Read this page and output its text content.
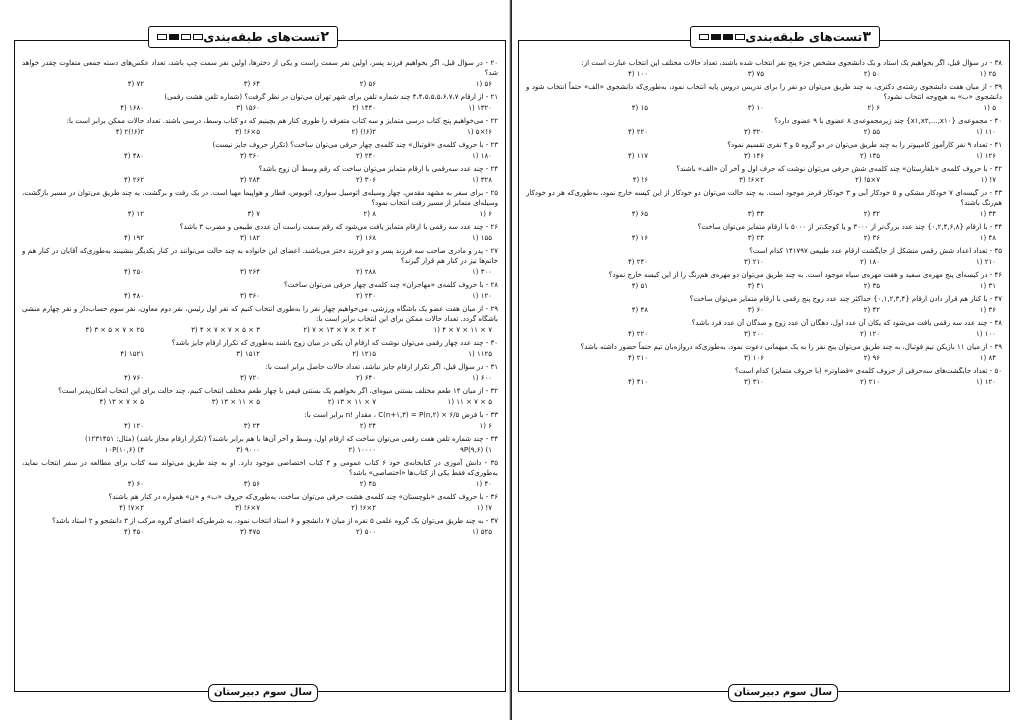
تست‌های طبقه‌بندی ۲
۲۰ - در سؤال قبل، اگر بخواهیم فرزند پسر، اولین نفر سمت راست و یکی از دخترها، اولین نفر سمت چپ باشد، تعداد عکس‌های دسته جمعی متفاوت چقدر خواهد شد؟
۵۶ (۱
۵۶ (۲
۶۴ (۳
۷۲ (۴
۲۱ - از ارقام ۴،۴،۵،۵،۵،۶،۷،۷ چند شماره تلفن برای شهر تهران می‌توان در نظر گرفت؟ (شماره تلفن هشت رقمی)
۱۳۲۰ (۱
۱۴۴۰ (۲
۱۵۶۰ (۳
۱۶۸۰ (۴
۲۲ - می‌خواهیم پنج کتاب درسی متمایز و سه کتاب متفرقه را طوری کنار هم بچینیم که دو کتاب وسط، درسی باشند. تعداد حالات ممکن برابر است با:
۶!×۵ (۱
۲(۶!) (۲
۵×۶! (۳
۲(۶!)۲ (۴
۲۳ - با حروف کلمه‌ی «فوتبال» چند کلمه‌ی چهار حرفی می‌توان ساخت؟ (تکرار حروف جایز نیست)
۱۸۰ (۱
۲۴۰ (۲
۳۶۰ (۳
۴۸۰ (۴
۲۴ - چند عدد سه‌رقمی با ارقام متمایز می‌توان ساخت که رقم وسط آن زوج باشد؟
۳۲۸ (۱
۳۰۶ (۲
۲۸۴ (۳
۲۶۲ (۴
۲۵ - برای سفر به مشهد مقدس، چهار وسیله‌ی اتومبیل سواری، اتوبوس، قطار و هواپیما مهیا است. در یک رفت و برگشت، به چند طریق می‌توان در مسیر بازگشت، وسیله‌ای متمایز از مسیر رفت انتخاب نمود؟
۶ (۱
۸ (۲
۷ (۳
۱۲ (۴
۲۶ - چند عدد سه رقمی با ارقام متمایز یافت می‌شود که رقم سمت راست آن عددی طبیعی و مضرب ۳ باشد؟
۱۵۵ (۱
۱۶۸ (۲
۱۸۲ (۳
۱۹۲ (۴
۲۷ - پدر و مادری صاحب سه فرزند پسر و دو فرزند دختر می‌باشند. اعضای این خانواده به چند حالت می‌توانند در کنار یکدیگر بنشینند به‌طوری‌که آقایان در کنار هم و خانم‌ها نیز در کنار هم قرار گیرند؟
۳۰۰ (۱
۲۸۸ (۲
۲۶۴ (۳
۲۵۰ (۴
۲۸ - با حروف کلمه‌ی «مهاجران» چند کلمه‌ی چهار حرفی می‌توان ساخت؟
۱۲۰ (۱
۲۴۰ (۲
۳۶۰ (۳
۴۸۰ (۴
۲۹ - از میان هفت عضو یک باشگاه ورزشی، می‌خواهیم چهار نفر را به‌طوری انتخاب کنیم که نفر اول رئیس، نفر دوم معاون، نفر سوم حساب‌دار و نفر چهارم منشی باشگاه گردد. تعداد حالات ممکن برای این انتخاب برابر است با:
۷ × ۱۱ × ۷ × ۴ (۱
۲ × ۴ × ۷ × ۱۳ × ۷ (۲
۳ × ۵ × ۷ × ۷ × ۴ (۳
۲۵ × ۷ × ۵ × ۳ (۴
۳۰ - چند عدد چهار رقمی می‌توان نوشت که ارقام آن یکی در میان زوج باشند به‌طوری که تکرار ارقام جایز باشد؟
۱۱۲۵ (۱
۱۲۱۵ (۲
۱۵۱۲ (۳
۱۵۲۱ (۴
۳۱ - در سؤال قبل، اگر تکرار ارقام جایز نباشد، تعداد حالات حاصل برابر است با:
۶۰۰ (۱
۶۴۰ (۲
۷۲۰ (۳
۷۶۰ (۴
۳۲ - از میان ۱۴ طعم مختلف بستنی میوه‌ای، اگر بخواهیم یک بستنی قیفی با چهار طعم مختلف انتخاب کنیم، چند حالت برای این انتخاب امکان‌پذیر است؟
۵ × ۷ × ۱۱ (۱
۷ × ۱۱ × ۱۳ (۲
۵ × ۱۱ × ۱۳ (۳
۵ × ۷ × ۱۳ (۴
۳۳ - با فرض C(n+۱,۳) = P(n,۲) × ۶/۵ ، مقدار !n برابر است با:
۶ (۱
۲۴ (۲
۲۴ (۳
۱۲۰ (۴
۳۴ - چند شماره تلفن هفت رقمی می‌توان ساخت که ارقام اول، وسط و آخر آن‌ها با هم برابر باشند؟ (تکرار ارقام مجاز باشد) (مثال: ۱۲۳۱۴۵۱)
۹P(۹,۶) (۱
۱۰۰۰۰ (۲
۹۰۰۰ (۳
۱۰P(۱۰,۶) (۴
۳۵ - دانش آموزی در کتابخانه‌ی خود ۶ کتاب عمومی و ۴ کتاب اختصاصی موجود دارد. او به چند طریق می‌تواند سه کتاب برای مطالعه در سفر انتخاب نماید، به‌طوری‌که فقط یکی از کتاب‌ها «اختصاصی» باشد؟
۴۰ (۱
۴۵ (۲
۵۶ (۳
۶۰ (۴
۳۶ - با حروف کلمه‌ی «بلوچستان» چند کلمه‌ی هشت حرفی می‌توان ساخت، به‌طوری‌که حروف «ب» و «ن» همواره در کنار هم باشند؟
۷! (۱
۲×۶! (۲
۷×۶! (۳
۲×۷! (۴
۳۷ - به چند طریق می‌توان یک گروه علمی ۵ نفره از میان ۷ دانشجو و ۶ استاد انتخاب نمود، به شرطی‌که اعضای گروه مرکب از ۳ دانشجو و ۲ استاد باشد؟
۵۲۵ (۱
۵۰۰ (۲
۴۷۵ (۳
۴۵۰ (۴
سال سوم دبیرستان
تست‌های طبقه‌بندی ۳
۳۸ - در سؤال قبل، اگر بخواهیم یک استاد و یک دانشجوی مشخص جزء پنج نفر انتخاب شده باشند، تعداد حالات مختلف این انتخاب عبارت است از:
۲۵ (۱
۵۰ (۲
۷۵ (۳
۱۰۰ (۴
۳۹ - از میان هفت دانشجوی رشته‌ی دکتری، به چند طریق می‌توان دو نفر را برای تدریس دروس پایه انتخاب نمود، به‌طوری‌که دانشجوی «الف» حتماً انتخاب شود و دانشجوی «ب» به هیچ‌وجه انتخاب نشود؟
۵ (۱
۶ (۲
۱۰ (۳
۱۵ (۴
۴۰ - مجموعه‌ی {x۱,x۲,...,x۱۰} چند زیرمجموعه‌ی ۸ عضوی یا ۹ عضوی دارد؟
۱۱۰ (۱
۵۵ (۲
۳۲۰ (۳
۲۲۰ (۴
۴۱ - تعداد ۹ نفر کارآموز کامپیوتر را به چند طریق می‌توان در دو گروه ۵ و ۴ نفری تقسیم نمود؟
۱۲۶ (۱
۱۳۵ (۲
۱۴۶ (۳
۱۱۷ (۴
۴۲ - با حروف کلمه‌ی «بلغارستان» چند کلمه‌ی شش حرفی می‌توان نوشت که حرف اول و آخر آن «الف» باشند؟
۷! (۱
۷×۵! (۲
۲×۶! (۳
۶! (۴
۴۳ - در گیسه‌ای ۷ خودکار مشکی و ۵ خودکار آبی و ۳ خودکار قرمز موجود است. به چند حالت می‌توان دو خودکار از این کیسه خارج نمود، به‌طوری‌که هر دو خودکار هم‌رنگ باشند؟
۳۴ (۱
۳۲ (۲
۳۴ (۳
۶۵ (۴
۴۴ - با ارقام {۰,۲,۴,۶,۸} چند عدد بزرگ‌تر از ۳۰۰۰ و یا کوچک‌تر از ۵۰۰۰ با ارقام متمایز می‌توان ساخت؟
۴۸ (۱
۳۶ (۲
۲۴ (۳
۱۶ (۴
۴۵ - تعداد اعداد شش رقمی متشکل از جایگشت ارقام عدد طبیعی ۱۴۱۷۹۷ کدام است؟
۲۱۰ (۱
۱۸۰ (۲
۲۱۰ (۳
۲۴۰ (۴
۴۶ - در کیسه‌ای پنج مهره‌ی سفید و هفت مهره‌ی سیاه موجود است. به چند طریق می‌توان دو مهره‌ی هم‌رنگ را از این کیسه خارج نمود؟
۳۱ (۱
۳۵ (۲
۴۱ (۳
۵۱ (۴
۴۷ - با کنار هم قرار دادن ارقام {۰,۱,۲,۳,۴} حداکثر چند عدد زوج پنج رقمی با ارقام متمایز می‌توان ساخت؟
۳۶ (۱
۴۲ (۲
۶۰ (۳
۴۸ (۴
۴۸ - چند عدد سه رقمی یافت می‌شود که یکان آن عدد اول، دهگان آن عدد زوج و صدگان آن عدد فرد باشد؟
۱۰۰ (۱
۱۲۰ (۲
۲۰۰ (۳
۲۲۰ (۴
۴۹ - از میان ۱۱ بازیکن تیم فوتبال، به چند طریق می‌توان پنج نفر را به یک میهمانی دعوت نمود، به‌طوری‌که دروازه‌بان تیم حتماً حضور داشته باشد؟
۸۴ (۱
۹۶ (۲
۱۰۶ (۳
۲۱۰ (۴
۵۰ - تعداد جایگشت‌های سه‌حرفی از حروف کلمه‌ی «قضاوتر» (با حروف متمایز) کدام است؟
۱۲۰ (۱
۲۱۰ (۲
۳۱۰ (۳
۴۱۰ (۴
سال سوم دبیرستان
